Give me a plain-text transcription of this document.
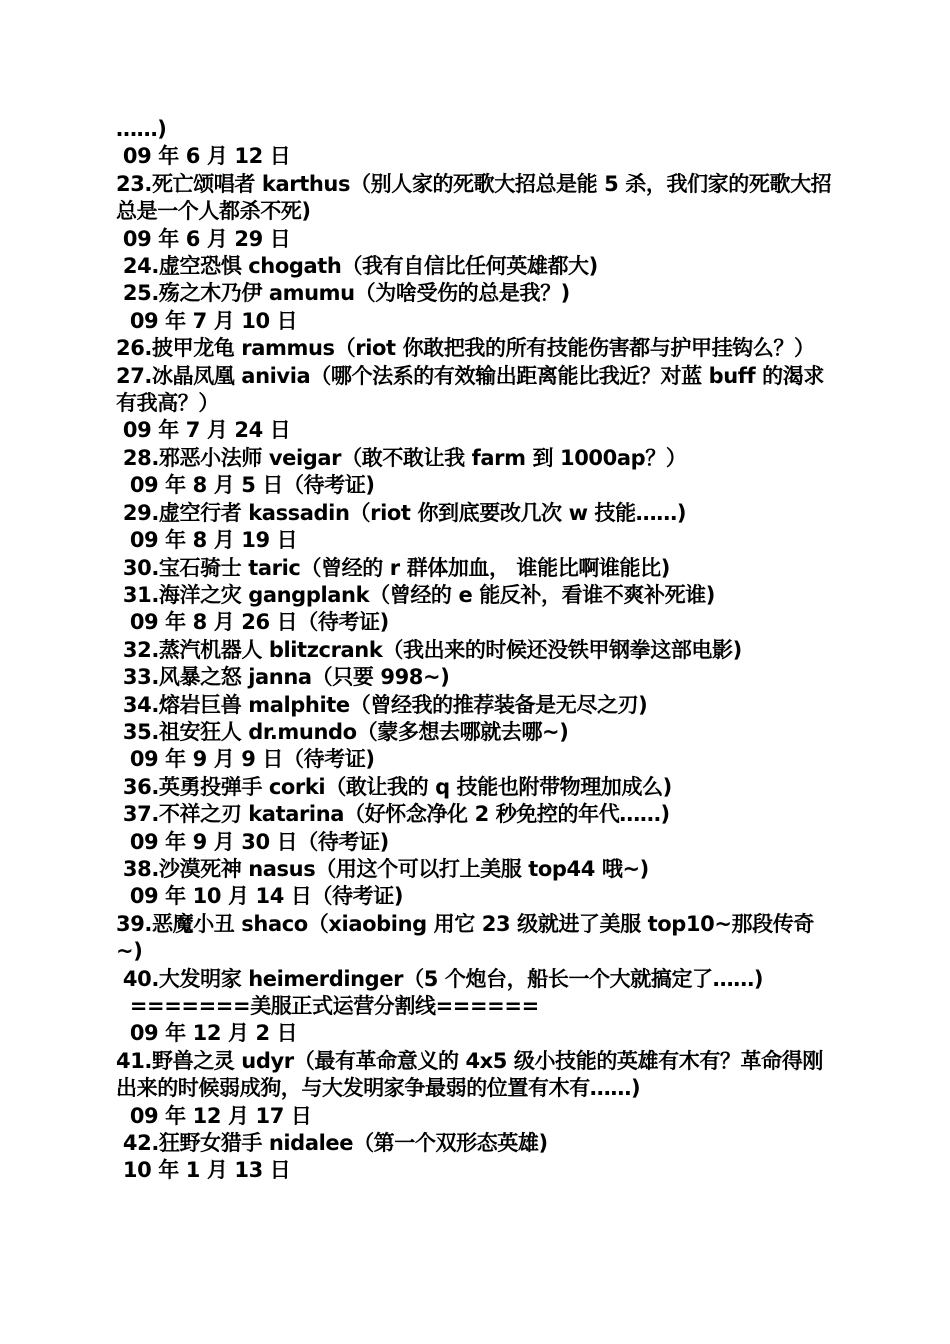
……)

09 年 6 月 12 日

23.死亡颂唱者 karthus（别人家的死歌大招总是能 5 杀，我们家的死歌大招总是一个人都杀不死)

09 年 6 月 29 日

24.虚空恐惧 chogath（我有自信比任何英雄都大)

25.殇之木乃伊 amumu（为啥受伤的总是我？)

09 年 7 月 10 日

26.披甲龙龟 rammus（riot 你敢把我的所有技能伤害都与护甲挂钩么？）

27.冰晶凤凰 anivia（哪个法系的有效输出距离能比我近？对蓝 buff 的渴求有我高？）

09 年 7 月 24 日

28.邪恶小法师 veigar（敢不敢让我 farm 到 1000ap？）

09 年 8 月 5 日（待考证)

29.虚空行者 kassadin（riot 你到底要改几次 w 技能……)

09 年 8 月 19 日

30.宝石骑士 taric（曾经的 r 群体加血， 谁能比啊谁能比)

31.海洋之灾 gangplank（曾经的 e 能反补，看谁不爽补死谁)

09 年 8 月 26 日（待考证)

32.蒸汽机器人 blitzcrank（我出来的时候还没铁甲钢拳这部电影)

33.风暴之怒 janna（只要 998~)

34.熔岩巨兽 malphite（曾经我的推荐装备是无尽之刃)

35.祖安狂人 dr.mundo（蒙多想去哪就去哪~)

09 年 9 月 9 日（待考证)

36.英勇投弹手 corki（敢让我的 q 技能也附带物理加成么)

37.不祥之刃 katarina（好怀念净化 2 秒免控的年代……)

09 年 9 月 30 日（待考证)

38.沙漠死神 nasus（用这个可以打上美服 top44 哦~)

09 年 10 月 14 日（待考证)

39.恶魔小丑 shaco（xiaobing 用它 23 级就进了美服 top10~那段传奇~)

40.大发明家 heimerdinger（5 个炮台，船长一个大就搞定了……)

=======美服正式运营分割线======

09 年 12 月 2 日

41.野兽之灵 udyr（最有革命意义的 4x5 级小技能的英雄有木有？革命得刚出来的时候弱成狗，与大发明家争最弱的位置有木有……)

09 年 12 月 17 日

42.狂野女猎手 nidalee（第一个双形态英雄)

10 年 1 月 13 日
